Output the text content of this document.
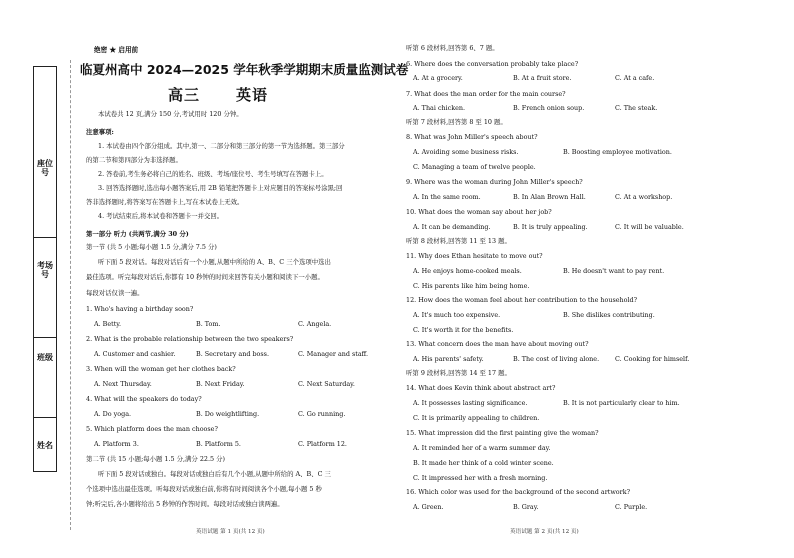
座位号
考场号
班级
姓名
绝密 ★ 启用前
临夏州高中 2024—2025 学年秋季学期期末质量监测试卷
高三 英语
本试卷共 12 页,满分 150 分,考试用时 120 分钟。
注意事项:
1. 本试卷由四个部分组成。其中,第一、二部分和第三部分的第一节为选择题。第三部分
的第二节和第四部分为非选择题。
2. 答卷前,考生务必将自己的姓名、班级、考场/座位号、考生号填写在答题卡上。
3. 回答选择题时,选出每小题答案后,用 2B 铅笔把答题卡上对应题目的答案标号涂黑;回
答非选择题时,将答案写在答题卡上,写在本试卷上无效。
4. 考试结束后,将本试卷和答题卡一并交回。
第一部分 听力 (共两节,满分 30 分)
第一节 (共 5 小题;每小题 1.5 分,满分 7.5 分)
听下面 5 段对话。每段对话后有一个小题,从题中所给的 A、B、C 三个选项中选出
最佳选项。听完每段对话后,你都有 10 秒钟的时间来回答有关小题和阅读下一小题。
每段对话仅读一遍。
1. Who's having a birthday soon?
A. Betty.	B. Tom.	C. Angela.
2. What is the probable relationship between the two speakers?
A. Customer and cashier.	B. Secretary and boss.	C. Manager and staff.
3. When will the woman get her clothes back?
A. Next Thursday.	B. Next Friday.	C. Next Saturday.
4. What will the speakers do today?
A. Do yoga.	B. Do weightlifting.	C. Go running.
5. Which platform does the man choose?
A. Platform 3.	B. Platform 5.	C. Platform 12.
第二节 (共 15 小题;每小题 1.5 分,满分 22.5 分)
听下面 5 段对话或独白。每段对话或独白后有几个小题,从题中所给的 A、B、C 三
个选项中选出最佳选项。听每段对话或独白前,你将有时间阅读各个小题,每小题 5 秒
钟;听完后,各小题将给出 5 秒钟的作答时间。每段对话或独白读两遍。
英语试题 第 1 页(共 12 页)
听第 6 段材料,回答第 6、7 题。
6. Where does the conversation probably take place?
A. At a grocery.	B. At a fruit store.	C. At a cafe.
7. What does the man order for the main course?
A. Thai chicken.	B. French onion soup.	C. The steak.
听第 7 段材料,回答第 8 至 10 题。
8. What was John Miller's speech about?
A. Avoiding some business risks.	B. Boosting employee motivation.
C. Managing a team of twelve people.
9. Where was the woman during John Miller's speech?
A. In the same room.	B. In Alan Brown Hall.	C. At a workshop.
10. What does the woman say about her job?
A. It can be demanding.	B. It is truly appealing.	C. It will be valuable.
听第 8 段材料,回答第 11 至 13 题。
11. Why does Ethan hesitate to move out?
A. He enjoys home-cooked meals.	B. He doesn't want to pay rent.
C. His parents like him being home.
12. How does the woman feel about her contribution to the household?
A. It's much too expensive.	B. She dislikes contributing.
C. It's worth it for the benefits.
13. What concern does the man have about moving out?
A. His parents' safety.	B. The cost of living alone. C. Cooking for himself.
听第 9 段材料,回答第 14 至 17 题。
14. What does Kevin think about abstract art?
A. It possesses lasting significance.	B. It is not particularly clear to him.
C. It is primarily appealing to children.
15. What impression did the first painting give the woman?
A. It reminded her of a warm summer day.
B. It made her think of a cold winter scene.
C. It impressed her with a fresh morning.
16. Which color was used for the background of the second artwork?
A. Green.	B. Gray.	C. Purple.
英语试题 第 2 页(共 12 页)
